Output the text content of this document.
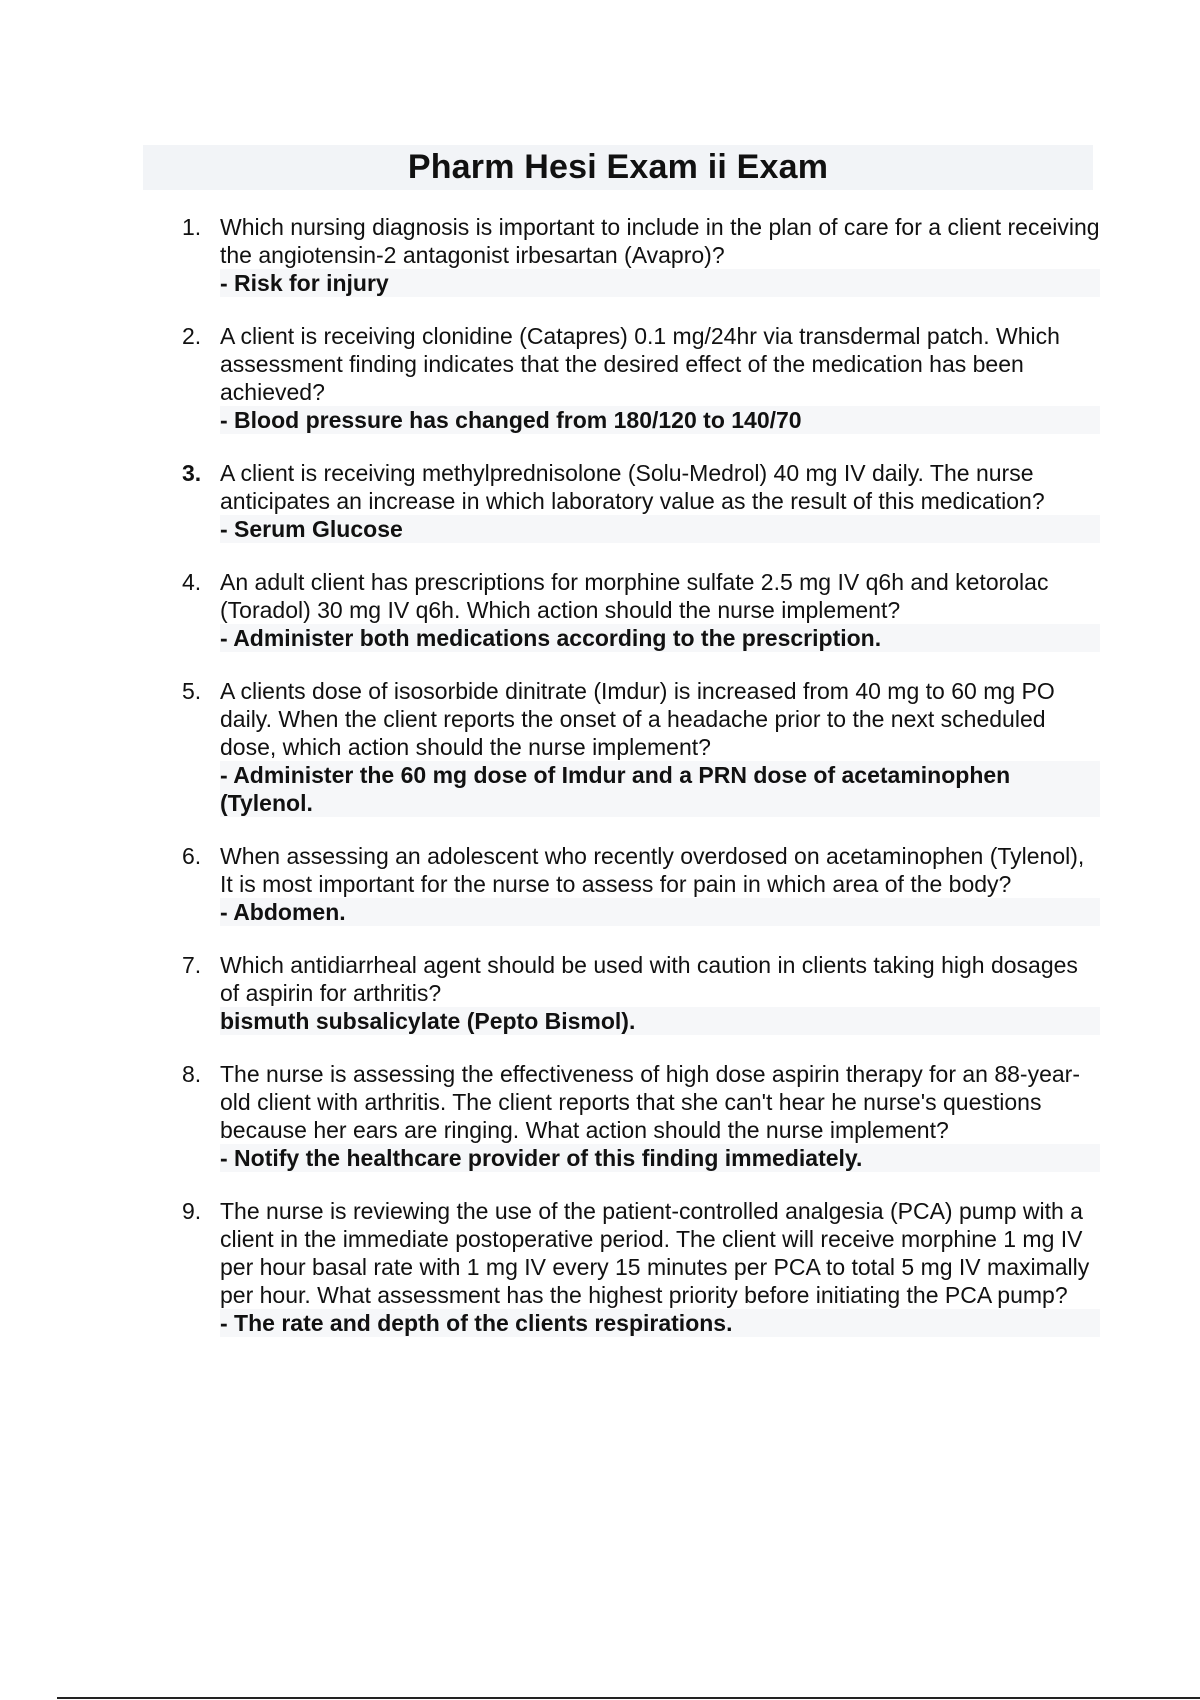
Pharm Hesi Exam ii Exam
1. Which nursing diagnosis is important to include in the plan of care for a client receiving the angiotensin-2 antagonist irbesartan (Avapro)?
- Risk for injury
2. A client is receiving clonidine (Catapres) 0.1 mg/24hr via transdermal patch. Which assessment finding indicates that the desired effect of the medication has been achieved?
- Blood pressure has changed from 180/120 to 140/70
3. A client is receiving methylprednisolone (Solu-Medrol) 40 mg IV daily. The nurse anticipates an increase in which laboratory value as the result of this medication?
- Serum Glucose
4. An adult client has prescriptions for morphine sulfate 2.5 mg IV q6h and ketorolac (Toradol) 30 mg IV q6h. Which action should the nurse implement?
- Administer both medications according to the prescription.
5. A clients dose of isosorbide dinitrate (Imdur) is increased from 40 mg to 60 mg PO daily. When the client reports the onset of a headache prior to the next scheduled dose, which action should the nurse implement?
- Administer the 60 mg dose of Imdur and a PRN dose of acetaminophen (Tylenol.
6. When assessing an adolescent who recently overdosed on acetaminophen (Tylenol), It is most important for the nurse to assess for pain in which area of the body?
- Abdomen.
7. Which antidiarrheal agent should be used with caution in clients taking high dosages of aspirin for arthritis?
bismuth subsalicylate (Pepto Bismol).
8. The nurse is assessing the effectiveness of high dose aspirin therapy for an 88-year-old client with arthritis. The client reports that she can't hear he nurse's questions because her ears are ringing. What action should the nurse implement?
- Notify the healthcare provider of this finding immediately.
9. The nurse is reviewing the use of the patient-controlled analgesia (PCA) pump with a client in the immediate postoperative period. The client will receive morphine 1 mg IV per hour basal rate with 1 mg IV every 15 minutes per PCA to total 5 mg IV maximally per hour. What assessment has the highest priority before initiating the PCA pump?
- The rate and depth of the clients respirations.
